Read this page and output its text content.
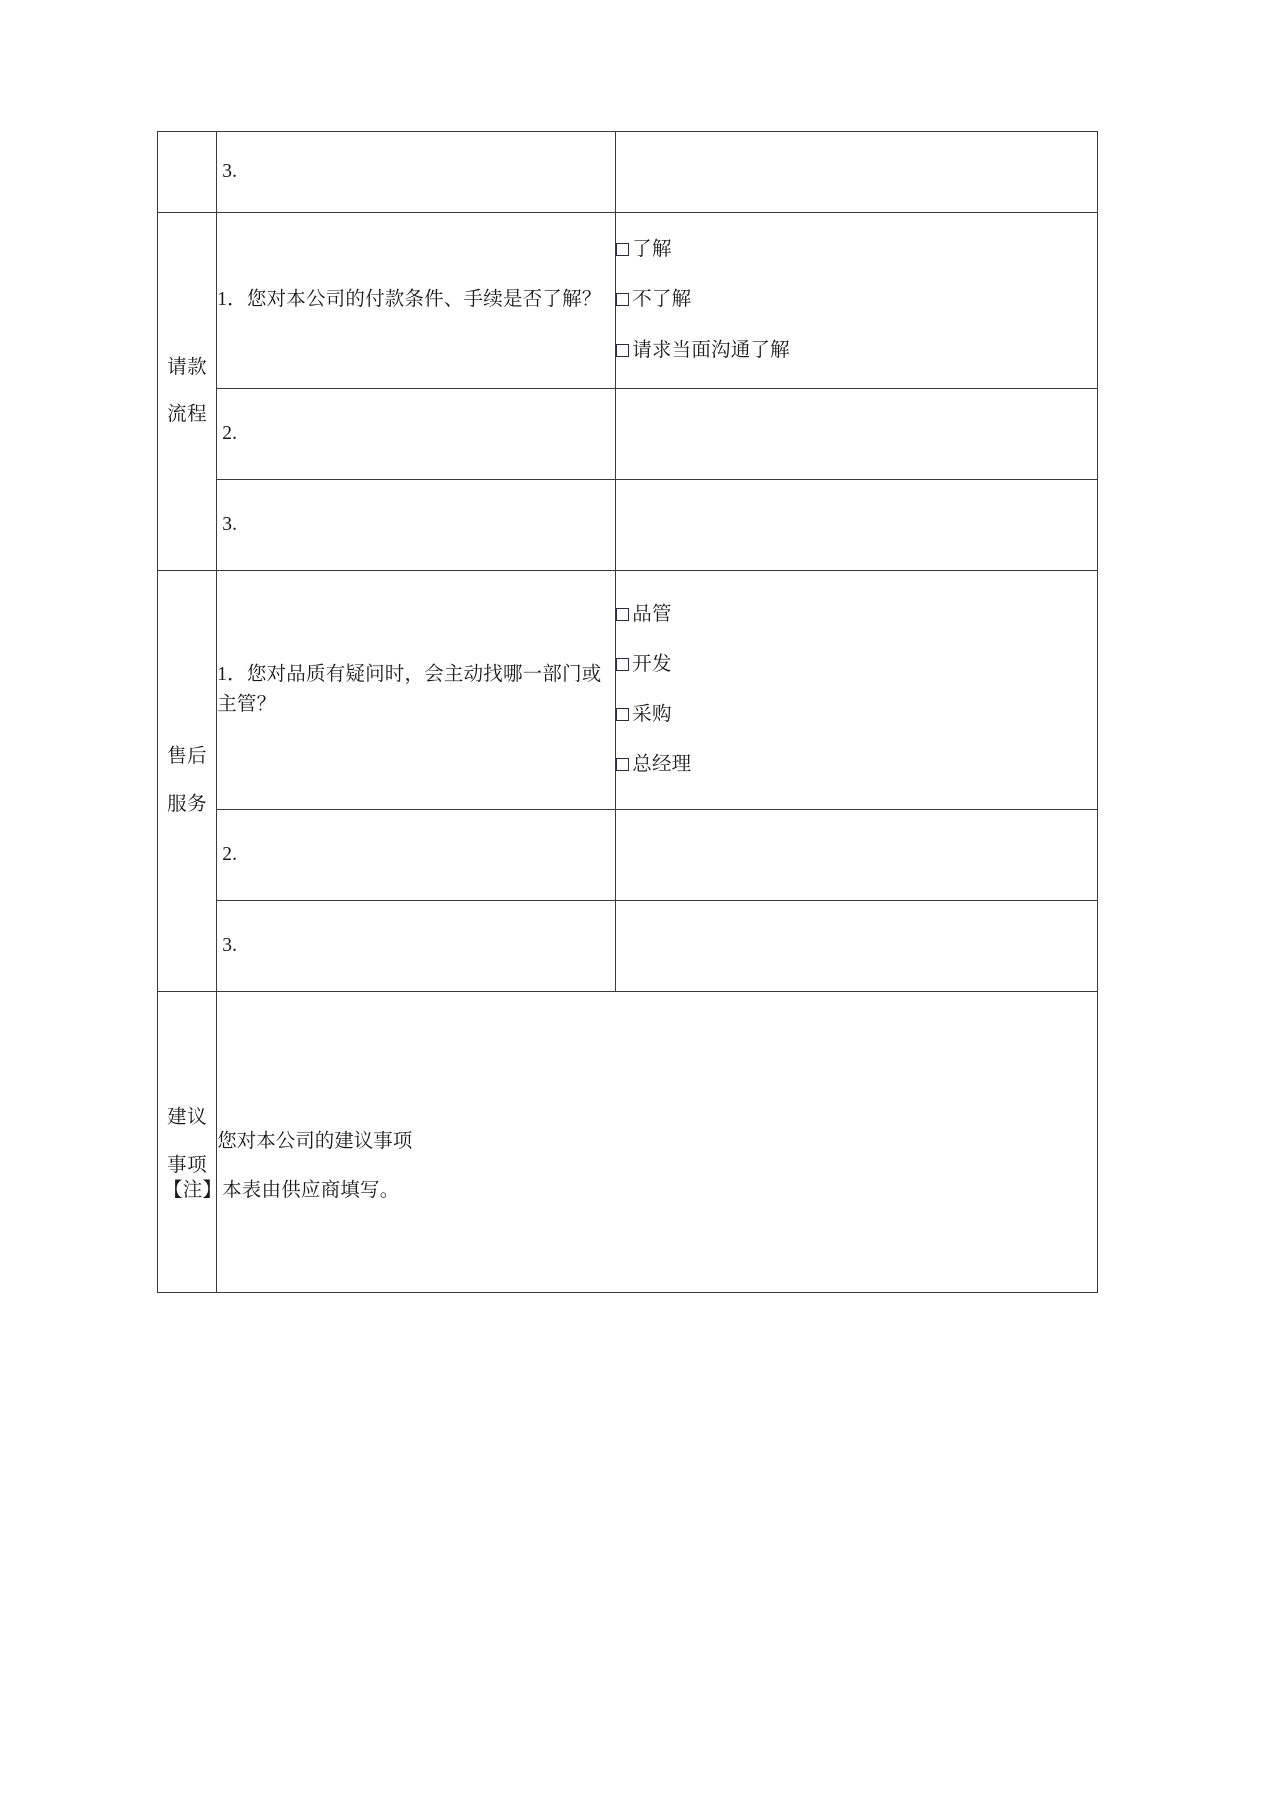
	3.	

请款
流程	1．您对本公司的付款条件、手续是否了解？	了解
不了解
请求当面沟通了解

	2.	
	3.	

售后
服务	1．您对品质有疑问时，会主动找哪一部门或主管？	品管
开发
采购
总经理

	2.	
	3.	

建议
事项	您对本公司的建议事项	
【注】本表由供应商填写。
